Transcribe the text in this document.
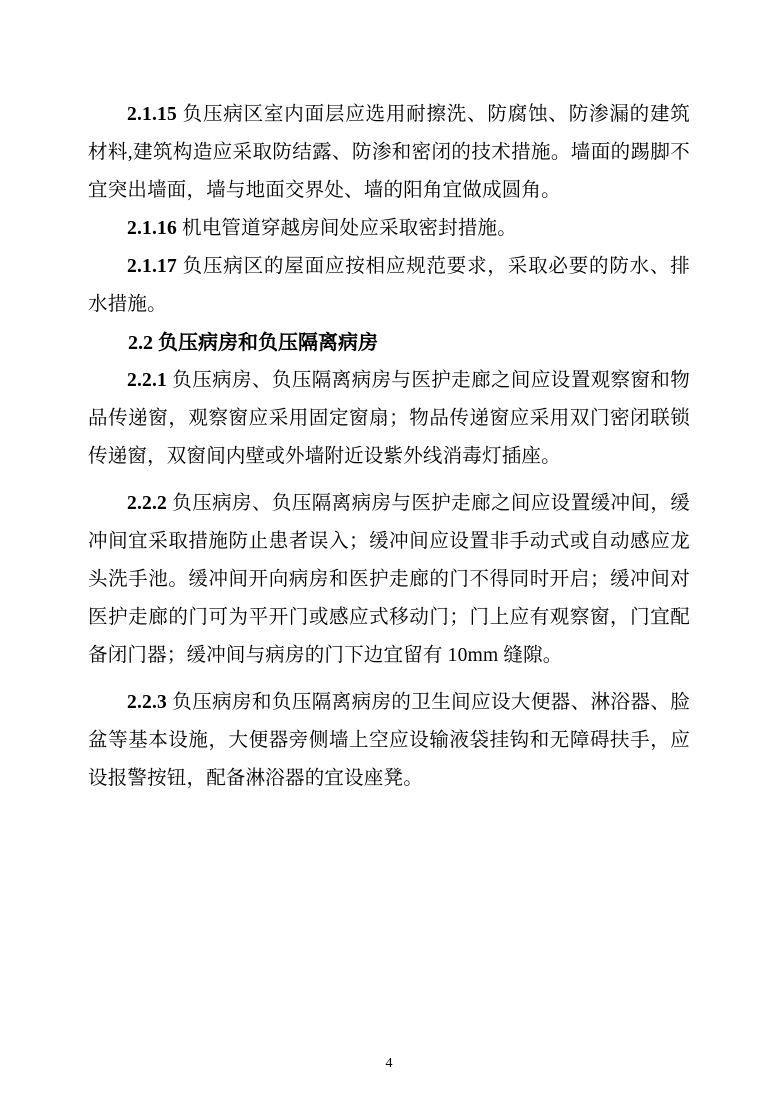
2.1.15 负压病区室内面层应选用耐擦洗、防腐蚀、防渗漏的建筑材料,建筑构造应采取防结露、防渗和密闭的技术措施。墙面的踢脚不宜突出墙面，墙与地面交界处、墙的阳角宜做成圆角。

2.1.16 机电管道穿越房间处应采取密封措施。

2.1.17 负压病区的屋面应按相应规范要求，采取必要的防水、排水措施。

2.2 负压病房和负压隔离病房

2.2.1 负压病房、负压隔离病房与医护走廊之间应设置观察窗和物品传递窗，观察窗应采用固定窗扇；物品传递窗应采用双门密闭联锁传递窗，双窗间内壁或外墙附近设紫外线消毒灯插座。

2.2.2 负压病房、负压隔离病房与医护走廊之间应设置缓冲间，缓冲间宜采取措施防止患者误入；缓冲间应设置非手动式或自动感应龙头洗手池。缓冲间开向病房和医护走廊的门不得同时开启；缓冲间对医护走廊的门可为平开门或感应式移动门；门上应有观察窗，门宜配备闭门器；缓冲间与病房的门下边宜留有 10mm 缝隙。

2.2.3 负压病房和负压隔离病房的卫生间应设大便器、淋浴器、脸盆等基本设施，大便器旁侧墙上空应设输液袋挂钩和无障碍扶手，应设报警按钮，配备淋浴器的宜设座凳。

4
